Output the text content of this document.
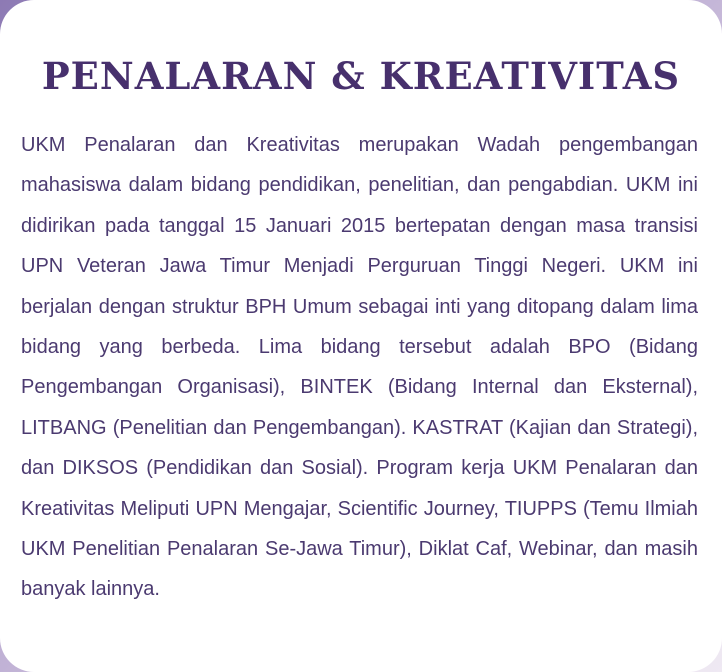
PENALARAN & KREATIVITAS
UKM Penalaran dan Kreativitas merupakan Wadah pengembangan mahasiswa dalam bidang pendidikan, penelitian, dan pengabdian. UKM ini didirikan pada tanggal 15 Januari 2015 bertepatan dengan masa transisi UPN Veteran Jawa Timur Menjadi Perguruan Tinggi Negeri. UKM ini berjalan dengan struktur BPH Umum sebagai inti yang ditopang dalam lima bidang yang berbeda. Lima bidang tersebut adalah BPO (Bidang Pengembangan Organisasi), BINTEK (Bidang Internal dan Eksternal), LITBANG (Penelitian dan Pengembangan). KASTRAT (Kajian dan Strategi), dan DIKSOS (Pendidikan dan Sosial). Program kerja UKM Penalaran dan Kreativitas Meliputi UPN Mengajar, Scientific Journey, TIUPPS (Temu Ilmiah UKM Penelitian Penalaran Se-Jawa Timur), Diklat Caf, Webinar, dan masih banyak lainnya.
